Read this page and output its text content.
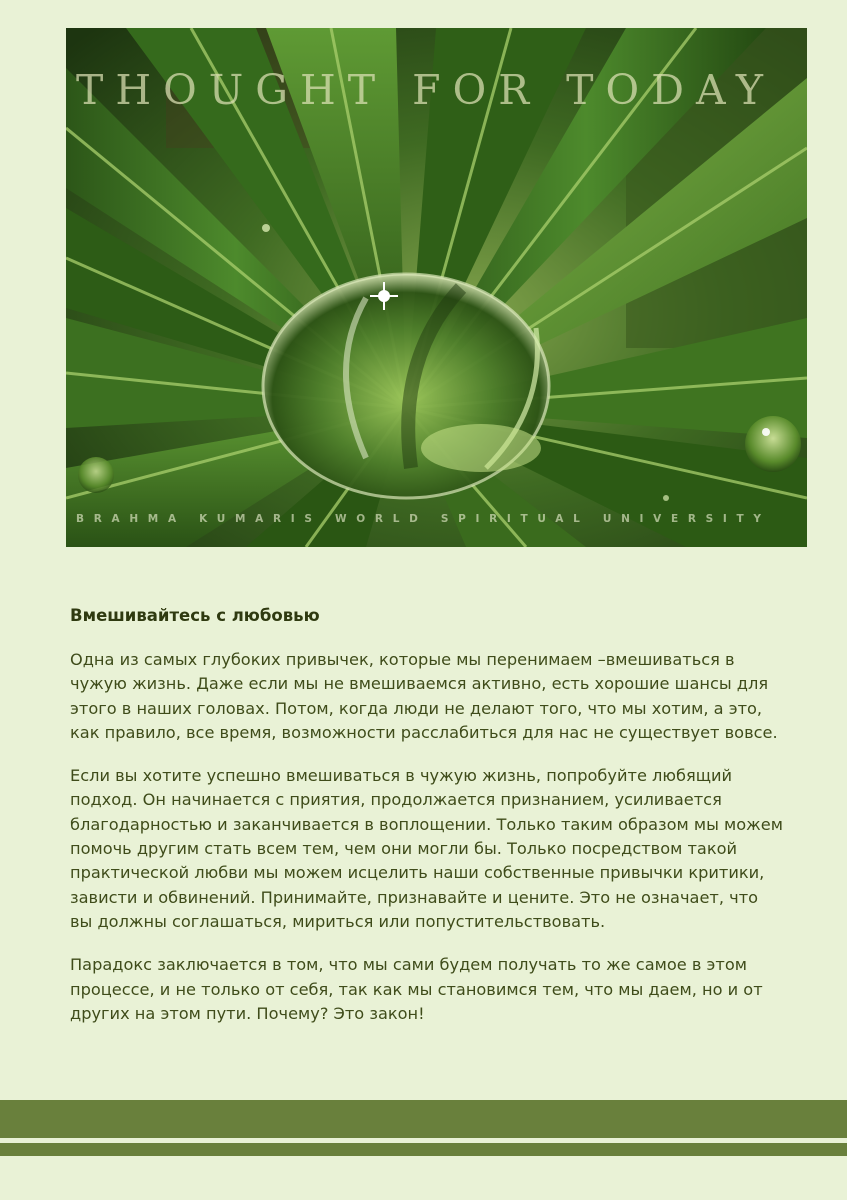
THOUGHT FOR TODAY
BRAHMA KUMARIS WORLD SPIRITUAL UNIVERSITY
Вмешивайтесь с любовью

Одна из самых глубоких привычек, которые мы перенимаем –вмешиваться в чужую жизнь. Даже если мы не вмешиваемся активно, есть хорошие шансы для этого в наших головах. Потом, когда люди не делают того, что мы хотим, а это, как правило, все время, возможности расслабиться для нас не существует вовсе.

Если вы хотите успешно вмешиваться в чужую жизнь, попробуйте любящий подход. Он начинается с приятия, продолжается признанием, усиливается благодарностью и заканчивается в воплощении. Только таким образом мы можем помочь другим стать всем тем, чем они могли бы. Только посредством такой практической любви мы можем исцелить наши собственные привычки критики, зависти и обвинений. Принимайте, признавайте и цените. Это не означает, что вы должны соглашаться, мириться или попустительствовать.

Парадокс заключается в том, что мы сами будем получать то же самое в этом процессе, и не только от себя, так как мы становимся тем, что мы даем, но и от других на этом пути. Почему? Это закон!
